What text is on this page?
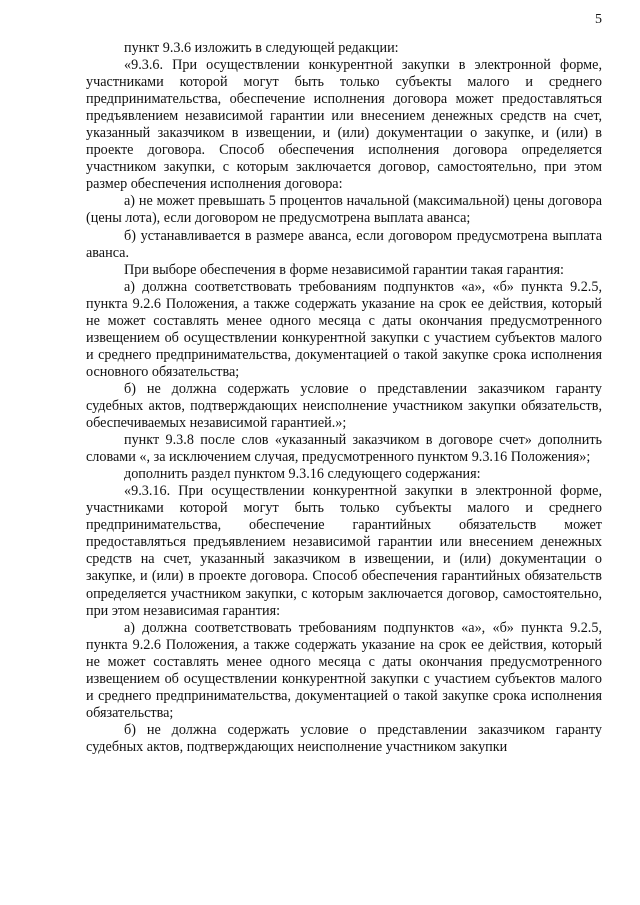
5

пункт 9.3.6 изложить в следующей редакции:

«9.3.6. При осуществлении конкурентной закупки в электронной форме, участниками которой могут быть только субъекты малого и среднего предпринимательства, обеспечение исполнения договора может предоставляться предъявлением независимой гарантии или внесением денежных средств на счет, указанный заказчиком в извещении, и (или) документации о закупке, и (или) в проекте договора. Способ обеспечения исполнения договора определяется участником закупки, с которым заключается договор, самостоятельно, при этом размер обеспечения исполнения договора:

а) не может превышать 5 процентов начальной (максимальной) цены договора (цены лота), если договором не предусмотрена выплата аванса;

б) устанавливается в размере аванса, если договором предусмотрена выплата аванса.

При выборе обеспечения в форме независимой гарантии такая гарантия:

а) должна соответствовать требованиям подпунктов «а», «б» пункта 9.2.5, пункта 9.2.6 Положения, а также содержать указание на срок ее действия, который не может составлять менее одного месяца с даты окончания предусмотренного извещением об осуществлении конкурентной закупки с участием субъектов малого и среднего предпринимательства, документацией о такой закупке срока исполнения основного обязательства;

б) не должна содержать условие о представлении заказчиком гаранту судебных актов, подтверждающих неисполнение участником закупки обязательств, обеспечиваемых независимой гарантией.»;

пункт 9.3.8 после слов «указанный заказчиком в договоре счет» дополнить словами «, за исключением случая, предусмотренного пунктом 9.3.16 Положения»;

дополнить раздел пунктом 9.3.16 следующего содержания:

«9.3.16. При осуществлении конкурентной закупки в электронной форме, участниками которой могут быть только субъекты малого и среднего предпринимательства, обеспечение гарантийных обязательств может предоставляться предъявлением независимой гарантии или внесением денежных средств на счет, указанный заказчиком в извещении, и (или) документации о закупке, и (или) в проекте договора. Способ обеспечения гарантийных обязательств определяется участником закупки, с которым заключается договор, самостоятельно, при этом независимая гарантия:

а) должна соответствовать требованиям подпунктов «а», «б» пункта 9.2.5, пункта 9.2.6 Положения, а также содержать указание на срок ее действия, который не может составлять менее одного месяца с даты окончания предусмотренного извещением об осуществлении конкурентной закупки с участием субъектов малого и среднего предпринимательства, документацией о такой закупке срока исполнения обязательства;

б) не должна содержать условие о представлении заказчиком гаранту судебных актов, подтверждающих неисполнение участником закупки
